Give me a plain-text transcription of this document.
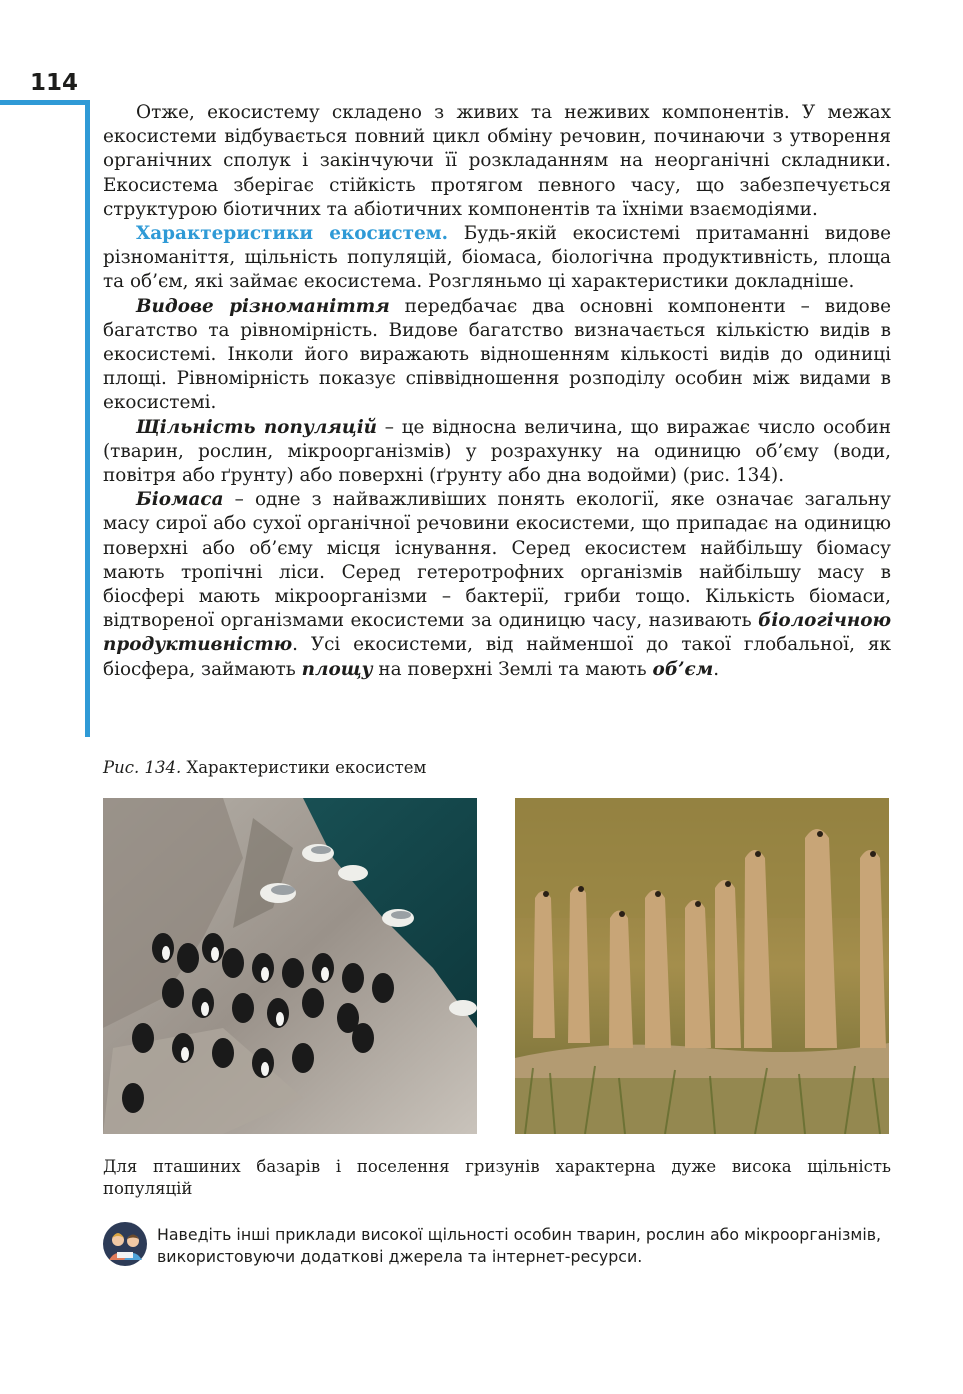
114

Отже, екосистему складено з живих та неживих компонентів. У межах екосистеми відбувається повний цикл обміну речовин, починаючи з утворення органічних сполук і закінчуючи її розкладанням на неорганічні складники. Екосистема зберігає стійкість протягом певного часу, що забезпечується структурою біотичних та абіотичних компонентів та їхніми взаємодіями.

Характеристики екосистем. Будь-якій екосистемі притаманні видове різноманіття, щільність популяцій, біомаса, біологічна продуктивність, площа та об’єм, які займає екосистема. Розгляньмо ці характеристики докладніше.

Видове різноманіття передбачає два основні компоненти – видове багатство та рівномірність. Видове багатство визначається кількістю видів в екосистемі. Інколи його виражають відношенням кількості видів до одиниці площі. Рівномірність показує співвідношення розподілу особин між видами в екосистемі.

Щільність популяцій – це відносна величина, що виражає число особин (тварин, рослин, мікроорганізмів) у розрахунку на одиницю об’єму (води, повітря або ґрунту) або поверхні (ґрунту або дна водойми) (рис. 134).

Біомаса – одне з найважливіших понять екології, яке означає загальну масу сирої або сухої органічної речовини екосистеми, що припадає на одиницю поверхні або об’єму місця існування. Серед екосистем найбільшу біомасу мають тропічні ліси. Серед гетеротрофних організмів найбільшу масу в біосфері мають мікроорганізми – бактерії, гриби тощо. Кількість біомаси, відтвореної організмами екосистеми за одиницю часу, називають біологічною продуктивністю. Усі екосистеми, від найменшої до такої глобальної, як біосфера, займають площу на поверхні Землі та мають об’єм.

Рис. 134. Характеристики екосистем
Для пташиних базарів і поселення гризунів характерна дуже висока щільність популяцій
Наведіть інші приклади високої щільності особин тварин, рослин або мікроорганізмів, використовуючи додаткові джерела та інтернет-ресурси.
